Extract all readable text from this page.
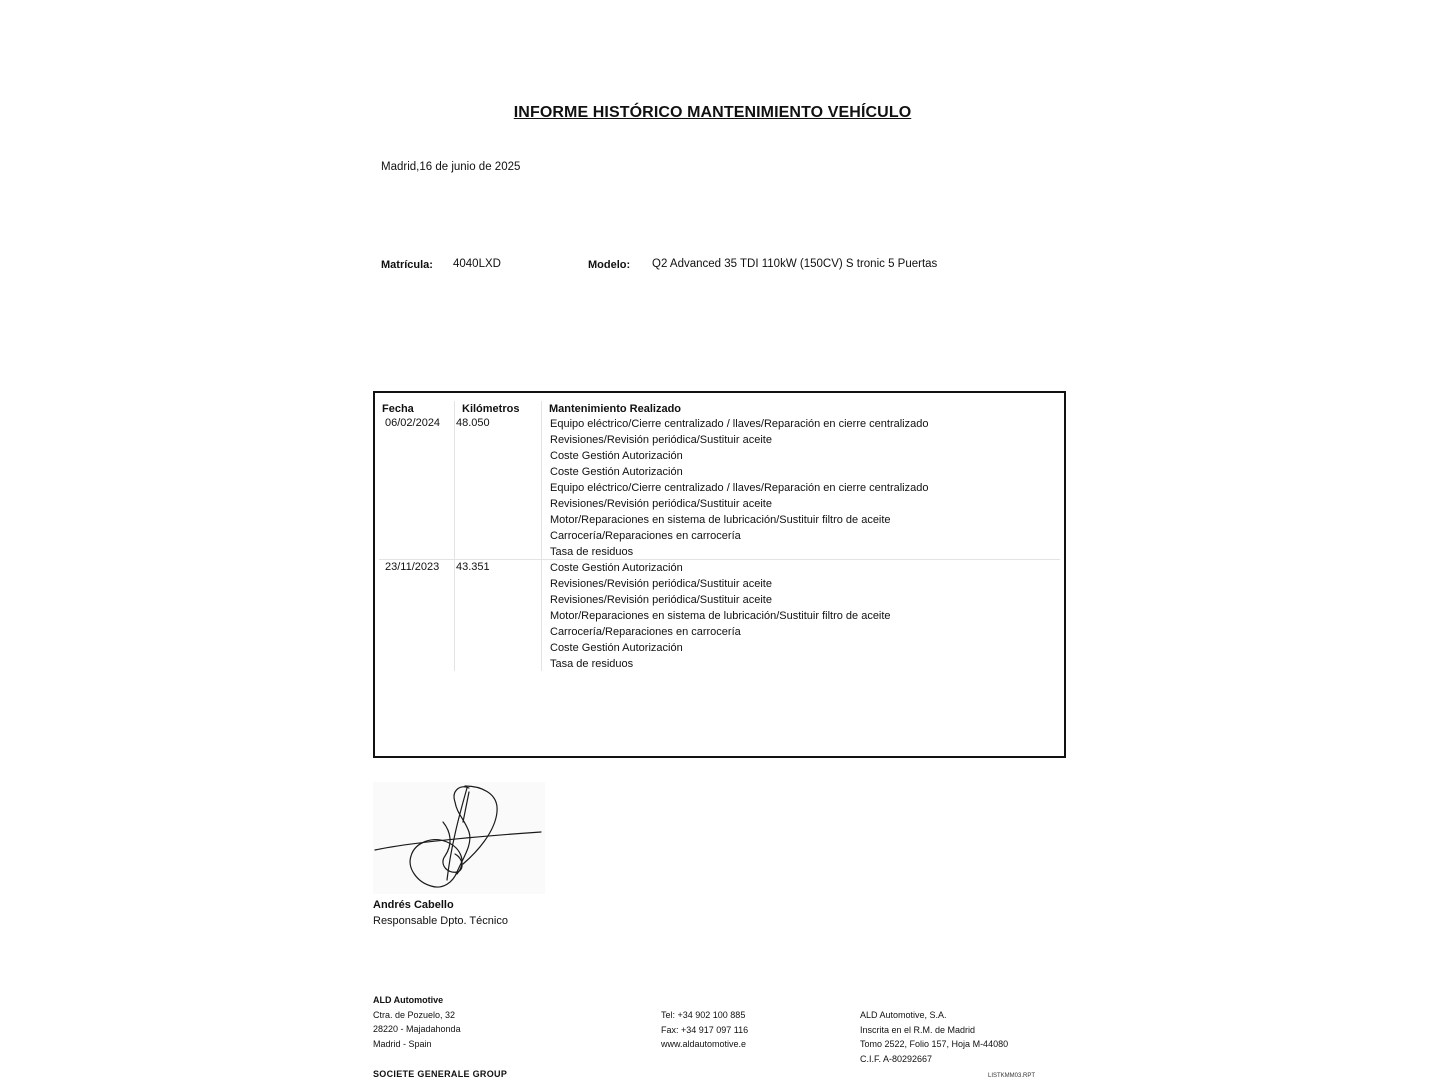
INFORME HISTÓRICO MANTENIMIENTO VEHÍCULO
Madrid,16 de junio de 2025
Matrícula: 4040LXD	Modelo: Q2 Advanced 35 TDI 110kW (150CV) S tronic 5 Puertas
Fecha	Kilómetros	Mantenimiento Realizado
06/02/2024 48.050	Equipo eléctrico/Cierre centralizado / llaves/Reparación en cierre centralizado
Revisiones/Revisión periódica/Sustituir aceite
Coste Gestión Autorización
Coste Gestión Autorización
Equipo eléctrico/Cierre centralizado / llaves/Reparación en cierre centralizado
Revisiones/Revisión periódica/Sustituir aceite
Motor/Reparaciones en sistema de lubricación/Sustituir filtro de aceite
Carrocería/Reparaciones en carrocería
Tasa de residuos
23/11/2023 43.351	Coste Gestión Autorización
Revisiones/Revisión periódica/Sustituir aceite
Revisiones/Revisión periódica/Sustituir aceite
Motor/Reparaciones en sistema de lubricación/Sustituir filtro de aceite
Carrocería/Reparaciones en carrocería
Coste Gestión Autorización
Tasa de residuos
Andrés Cabello
Responsable Dpto. Técnico
ALD Automotive
Ctra. de Pozuelo, 32
28220 - Majadahonda
Madrid - Spain
Tel: +34 902 100 885
Fax: +34 917 097 116
www.aldautomotive.e
ALD Automotive, S.A.
Inscrita en el R.M. de Madrid
Tomo 2522, Folio 157, Hoja M-44080
C.I.F. A-80292667
SOCIETE GENERALE GROUP	LISTKMM03.RPT
